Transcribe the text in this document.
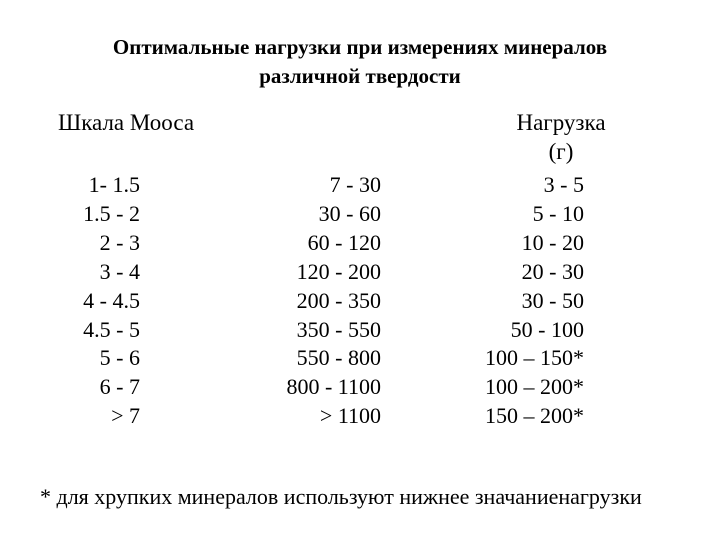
Оптимальные нагрузки при измерениях минералов
различной твердости
Шкала Мооса	Нагрузка
(г)
1- 1.5
1.5 - 2
2 - 3
3 - 4
4 - 4.5
4.5 - 5
5 - 6
6 - 7
> 7
7 - 30
30 - 60
60 - 120
120 - 200
200 - 350
350 - 550
550 - 800
800 - 1100
> 1100
3 - 5
5 - 10
10 - 20
20 - 30
30 - 50
50 - 100
100 – 150*
100 – 200*
150 – 200*
* для хрупких минералов используют нижнее значаниенагрузки
